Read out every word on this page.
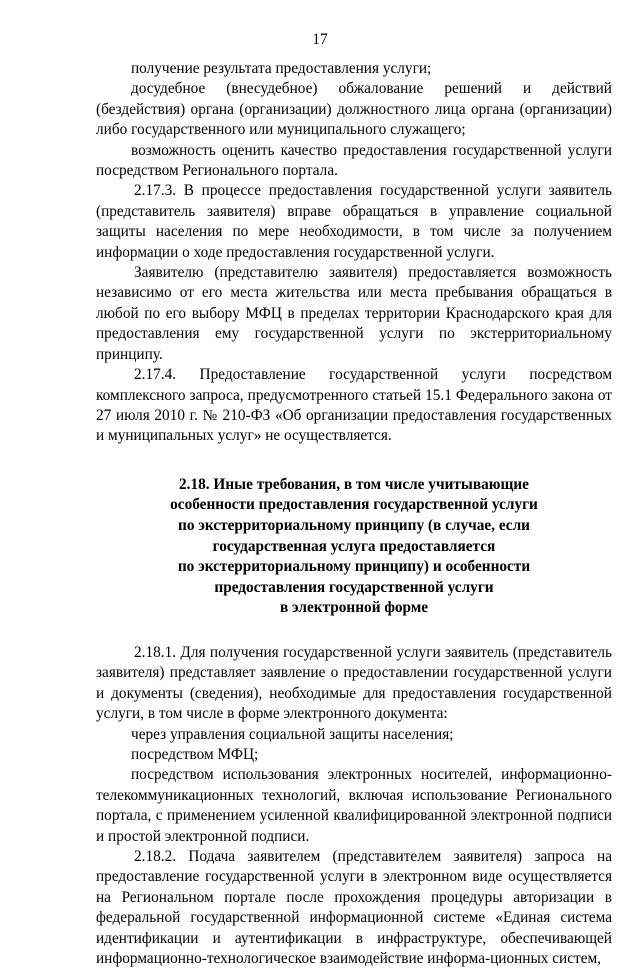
17

получение результата предоставления услуги;

досудебное (внесудебное) обжалование решений и действий (бездействия) органа (организации) должностного лица органа (организации) либо государственного или муниципального служащего;

возможность оценить качество предоставления государственной услуги посредством Регионального портала.

2.17.3. В процессе предоставления государственной услуги заявитель (представитель заявителя) вправе обращаться в управление социальной защиты населения по мере необходимости, в том числе за получением информации о ходе предоставления государственной услуги.

Заявителю (представителю заявителя) предоставляется возможность независимо от его места жительства или места пребывания обращаться в любой по его выбору МФЦ в пределах территории Краснодарского края для предоставления ему государственной услуги по экстерриториальному принципу.

2.17.4. Предоставление государственной услуги посредством комплексного запроса, предусмотренного статьей 15.1 Федерального закона от 27 июля 2010 г. № 210-ФЗ «Об организации предоставления государственных и муниципальных услуг» не осуществляется.

2.18. Иные требования, в том числе учитывающие
особенности предоставления государственной услуги
по экстерриториальному принципу (в случае, если
государственная услуга предоставляется
по экстерриториальному принципу) и особенности
предоставления государственной услуги
в электронной форме

2.18.1. Для получения государственной услуги заявитель (представитель заявителя) представляет заявление о предоставлении государственной услуги и документы (сведения), необходимые для предоставления государственной услуги, в том числе в форме электронного документа:

через управления социальной защиты населения;

посредством МФЦ;

посредством использования электронных носителей, информационно-телекоммуникационных технологий, включая использование Регионального портала, с применением усиленной квалифицированной электронной подписи и простой электронной подписи.

2.18.2. Подача заявителем (представителем заявителя) запроса на предоставление государственной услуги в электронном виде осуществляется на Региональном портале после прохождения процедуры авторизации в федеральной государственной информационной системе «Единая система идентификации и аутентификации в инфраструктуре, обеспечивающей информационно-технологическое взаимодействие информа-ционных систем,
